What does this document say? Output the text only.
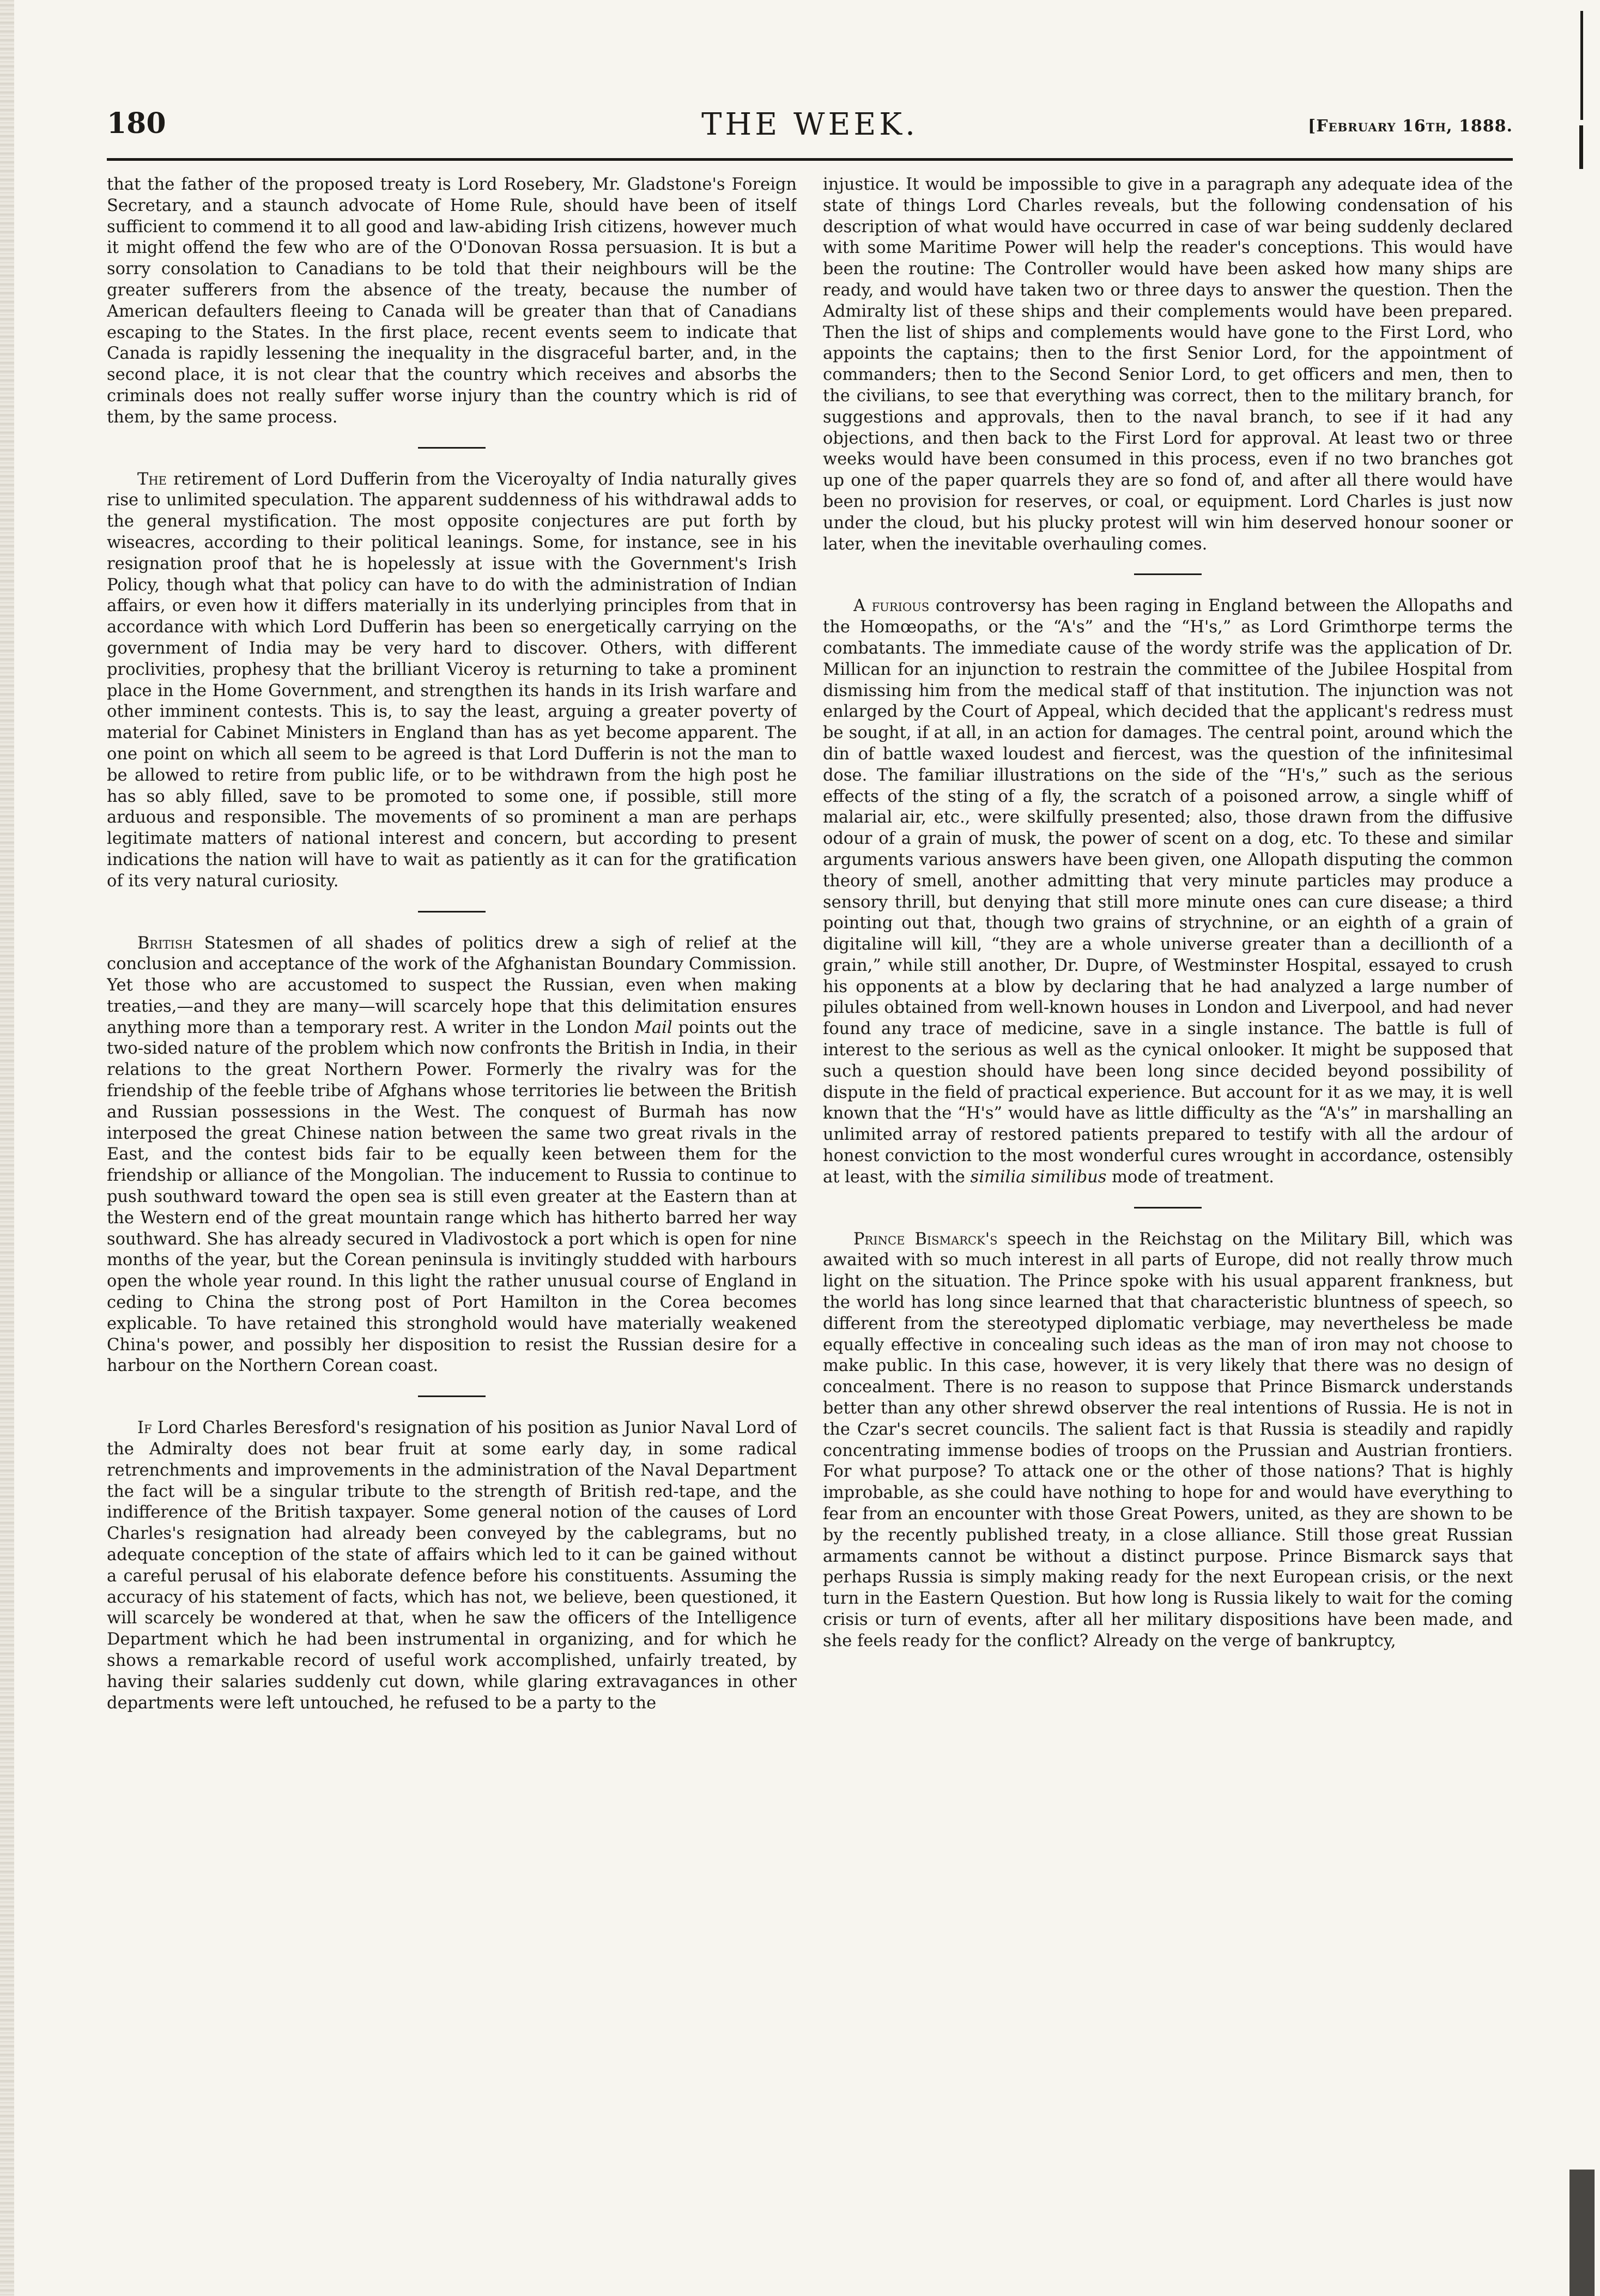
THE WEEK.
180	[February 16th, 1888.

that the father of the proposed treaty is Lord Rosebery, Mr. Gladstone's Foreign Secretary, and a staunch advocate of Home Rule, should have been of itself sufficient to commend it to all good and law-abiding Irish citizens, however much it might offend the few who are of the O'Donovan Rossa persuasion. It is but a sorry consolation to Canadians to be told that their neighbours will be the greater sufferers from the absence of the treaty, because the number of American defaulters fleeing to Canada will be greater than that of Canadians escaping to the States. In the first place, recent events seem to indicate that Canada is rapidly lessening the inequality in the disgraceful barter, and, in the second place, it is not clear that the country which receives and absorbs the criminals does not really suffer worse injury than the country which is rid of them, by the same process.

The retirement of Lord Dufferin from the Viceroyalty of India naturally gives rise to unlimited speculation. The apparent suddenness of his withdrawal adds to the general mystification. The most opposite conjectures are put forth by wiseacres, according to their political leanings. Some, for instance, see in his resignation proof that he is hopelessly at issue with the Government's Irish Policy, though what that policy can have to do with the administration of Indian affairs, or even how it differs materially in its underlying principles from that in accordance with which Lord Dufferin has been so energetically carrying on the government of India may be very hard to discover. Others, with different proclivities, prophesy that the brilliant Viceroy is returning to take a prominent place in the Home Government, and strengthen its hands in its Irish warfare and other imminent contests. This is, to say the least, arguing a greater poverty of material for Cabinet Ministers in England than has as yet become apparent. The one point on which all seem to be agreed is that Lord Dufferin is not the man to be allowed to retire from public life, or to be withdrawn from the high post he has so ably filled, save to be promoted to some one, if possible, still more arduous and responsible. The movements of so prominent a man are perhaps legitimate matters of national interest and concern, but according to present indications the nation will have to wait as patiently as it can for the gratification of its very natural curiosity.

British Statesmen of all shades of politics drew a sigh of relief at the conclusion and acceptance of the work of the Afghanistan Boundary Commission. Yet those who are accustomed to suspect the Russian, even when making treaties,—and they are many—will scarcely hope that this delimitation ensures anything more than a temporary rest. A writer in the London Mail points out the two-sided nature of the problem which now confronts the British in India, in their relations to the great Northern Power. Formerly the rivalry was for the friendship of the feeble tribe of Afghans whose territories lie between the British and Russian possessions in the West. The conquest of Burmah has now interposed the great Chinese nation between the same two great rivals in the East, and the contest bids fair to be equally keen between them for the friendship or alliance of the Mongolian. The inducement to Russia to continue to push southward toward the open sea is still even greater at the Eastern than at the Western end of the great mountain range which has hitherto barred her way southward. She has already secured in Vladivostock a port which is open for nine months of the year, but the Corean peninsula is invitingly studded with harbours open the whole year round. In this light the rather unusual course of England in ceding to China the strong post of Port Hamilton in the Corea becomes explicable. To have retained this stronghold would have materially weakened China's power, and possibly her disposition to resist the Russian desire for a harbour on the Northern Corean coast.

If Lord Charles Beresford's resignation of his position as Junior Naval Lord of the Admiralty does not bear fruit at some early day, in some radical retrenchments and improvements in the administration of the Naval Department the fact will be a singular tribute to the strength of British red-tape, and the indifference of the British taxpayer. Some general notion of the causes of Lord Charles's resignation had already been conveyed by the cablegrams, but no adequate conception of the state of affairs which led to it can be gained without a careful perusal of his elaborate defence before his constituents. Assuming the accuracy of his statement of facts, which has not, we believe, been questioned, it will scarcely be wondered at that, when he saw the officers of the Intelligence Department which he had been instrumental in organizing, and for which he shows a remarkable record of useful work accomplished, unfairly treated, by having their salaries suddenly cut down, while glaring extravagances in other departments were left untouched, he refused to be a party to the

injustice. It would be impossible to give in a paragraph any adequate idea of the state of things Lord Charles reveals, but the following condensation of his description of what would have occurred in case of war being suddenly declared with some Maritime Power will help the reader's conceptions. This would have been the routine: The Controller would have been asked how many ships are ready, and would have taken two or three days to answer the question. Then the Admiralty list of these ships and their complements would have been prepared. Then the list of ships and complements would have gone to the First Lord, who appoints the captains; then to the first Senior Lord, for the appointment of commanders; then to the Second Senior Lord, to get officers and men, then to the civilians, to see that everything was correct, then to the military branch, for suggestions and approvals, then to the naval branch, to see if it had any objections, and then back to the First Lord for approval. At least two or three weeks would have been consumed in this process, even if no two branches got up one of the paper quarrels they are so fond of, and after all there would have been no provision for reserves, or coal, or equipment. Lord Charles is just now under the cloud, but his plucky protest will win him deserved honour sooner or later, when the inevitable overhauling comes.

A furious controversy has been raging in England between the Allopaths and the Homœopaths, or the “A's” and the “H's,” as Lord Grimthorpe terms the combatants. The immediate cause of the wordy strife was the application of Dr. Millican for an injunction to restrain the committee of the Jubilee Hospital from dismissing him from the medical staff of that institution. The injunction was not enlarged by the Court of Appeal, which decided that the applicant's redress must be sought, if at all, in an action for damages. The central point, around which the din of battle waxed loudest and fiercest, was the question of the infinitesimal dose. The familiar illustrations on the side of the “H's,” such as the serious effects of the sting of a fly, the scratch of a poisoned arrow, a single whiff of malarial air, etc., were skilfully presented; also, those drawn from the diffusive odour of a grain of musk, the power of scent on a dog, etc. To these and similar arguments various answers have been given, one Allopath disputing the common theory of smell, another admitting that very minute particles may produce a sensory thrill, but denying that still more minute ones can cure disease; a third pointing out that, though two grains of strychnine, or an eighth of a grain of digitaline will kill, “they are a whole universe greater than a decillionth of a grain,” while still another, Dr. Dupre, of Westminster Hospital, essayed to crush his opponents at a blow by declaring that he had analyzed a large number of pilules obtained from well-known houses in London and Liverpool, and had never found any trace of medicine, save in a single instance. The battle is full of interest to the serious as well as the cynical onlooker. It might be supposed that such a question should have been long since decided beyond possibility of dispute in the field of practical experience. But account for it as we may, it is well known that the “H's” would have as little difficulty as the “A's” in marshalling an unlimited array of restored patients prepared to testify with all the ardour of honest conviction to the most wonderful cures wrought in accordance, ostensibly at least, with the similia similibus mode of treatment.

Prince Bismarck's speech in the Reichstag on the Military Bill, which was awaited with so much interest in all parts of Europe, did not really throw much light on the situation. The Prince spoke with his usual apparent frankness, but the world has long since learned that that characteristic bluntness of speech, so different from the stereotyped diplomatic verbiage, may nevertheless be made equally effective in concealing such ideas as the man of iron may not choose to make public. In this case, however, it is very likely that there was no design of concealment. There is no reason to suppose that Prince Bismarck understands better than any other shrewd observer the real intentions of Russia. He is not in the Czar's secret councils. The salient fact is that Russia is steadily and rapidly concentrating immense bodies of troops on the Prussian and Austrian frontiers. For what purpose? To attack one or the other of those nations? That is highly improbable, as she could have nothing to hope for and would have everything to fear from an encounter with those Great Powers, united, as they are shown to be by the recently published treaty, in a close alliance. Still those great Russian armaments cannot be without a distinct purpose. Prince Bismarck says that perhaps Russia is simply making ready for the next European crisis, or the next turn in the Eastern Question. But how long is Russia likely to wait for the coming crisis or turn of events, after all her military dispositions have been made, and she feels ready for the conflict? Already on the verge of bankruptcy,
